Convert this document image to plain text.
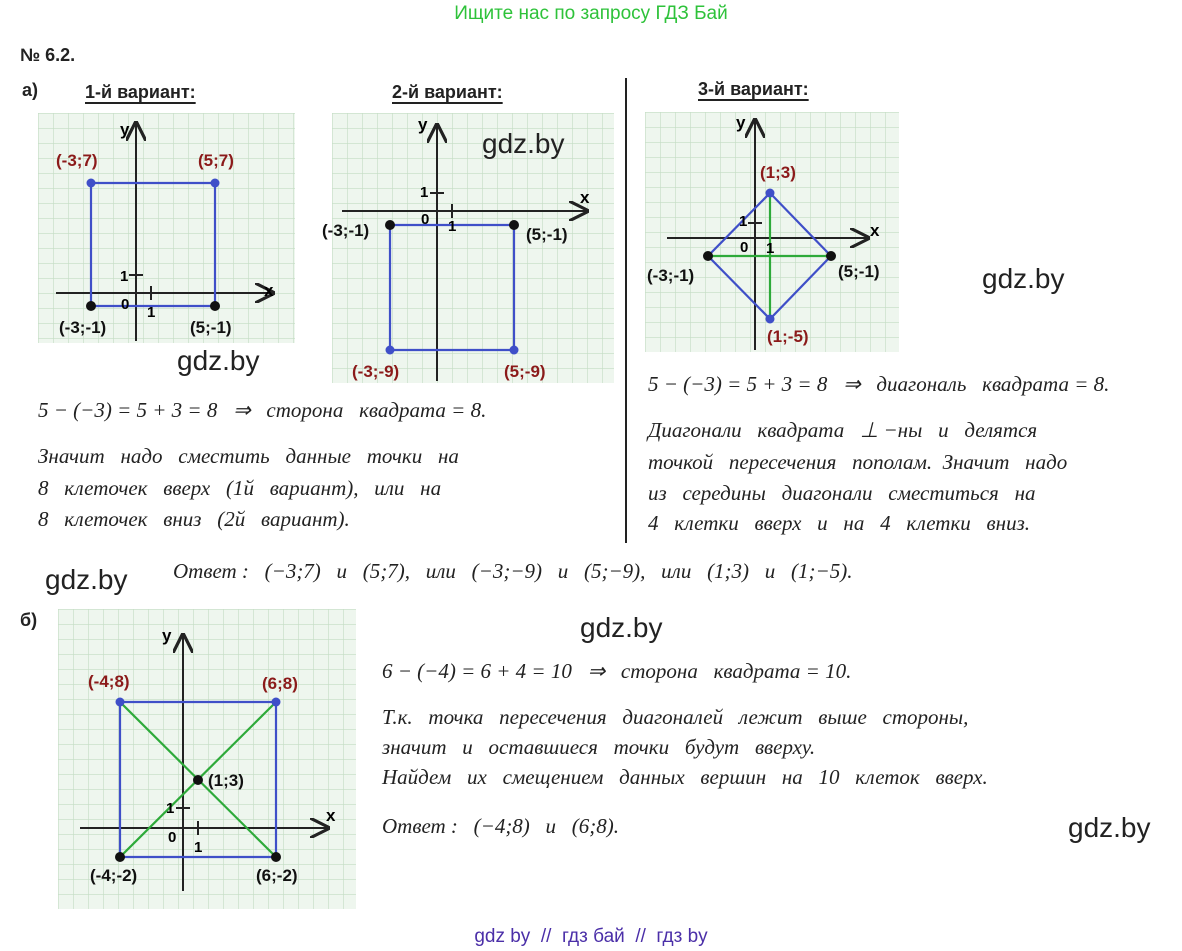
Ищите нас по запросу ГДЗ Бай
№ 6.2.
а)	1-й вариант:	2-й вариант:	3-й вариант:
x
y
0 1
1
(-3;7)	(5;7)
(-3;-1)	(5;-1)
x
y
0 1
1
(-3;-1)	(5;-1)
(-3;-9)	(5;-9)
gdz.by
x
y
0 1
1
(1;3)
(-3;-1)	(5;-1)
(1;-5)
gdz.by
gdz.by
5 − (−3) = 5 + 3 = 8   ⇒   сторона   квадрата = 8.
Значит   надо   сместить   данные   точки   на
8   клеточек   вверх   (1й   вариант),   или   на
8   клеточек   вниз   (2й   вариант).
5 − (−3) = 5 + 3 = 8   ⇒   диагональ   квадрата = 8.
Диагонали   квадрата   ⊥ −ны   и   делятся
точкой   пересечения   пополам.  Значит   надо
из   середины   диагонали   сместиться   на
4   клетки   вверх   и   на   4   клетки   вниз.
gdz.by Ответ :   (−3;7)   и   (5;7),   или   (−3;−9)   и   (5;−9),   или   (1;3)   и   (1;−5).
б)
x
y
0
1
1
(-4;8)	(6;8)
(-4;-2)	(6;-2)
(1;3)
gdz.by
6 − (−4) = 6 + 4 = 10   ⇒   сторона   квадрата = 10.
Т.к.   точка   пересечения   диагоналей   лежит   выше   стороны,
значит   и   оставшиеся   точки   будут   вверху.
Найдем   их   смещением   данных   вершин   на   10   клеток   вверх.
Ответ :   (−4;8)   и   (6;8).	gdz.by
gdz by  //  гдз бай  //  гдз by
